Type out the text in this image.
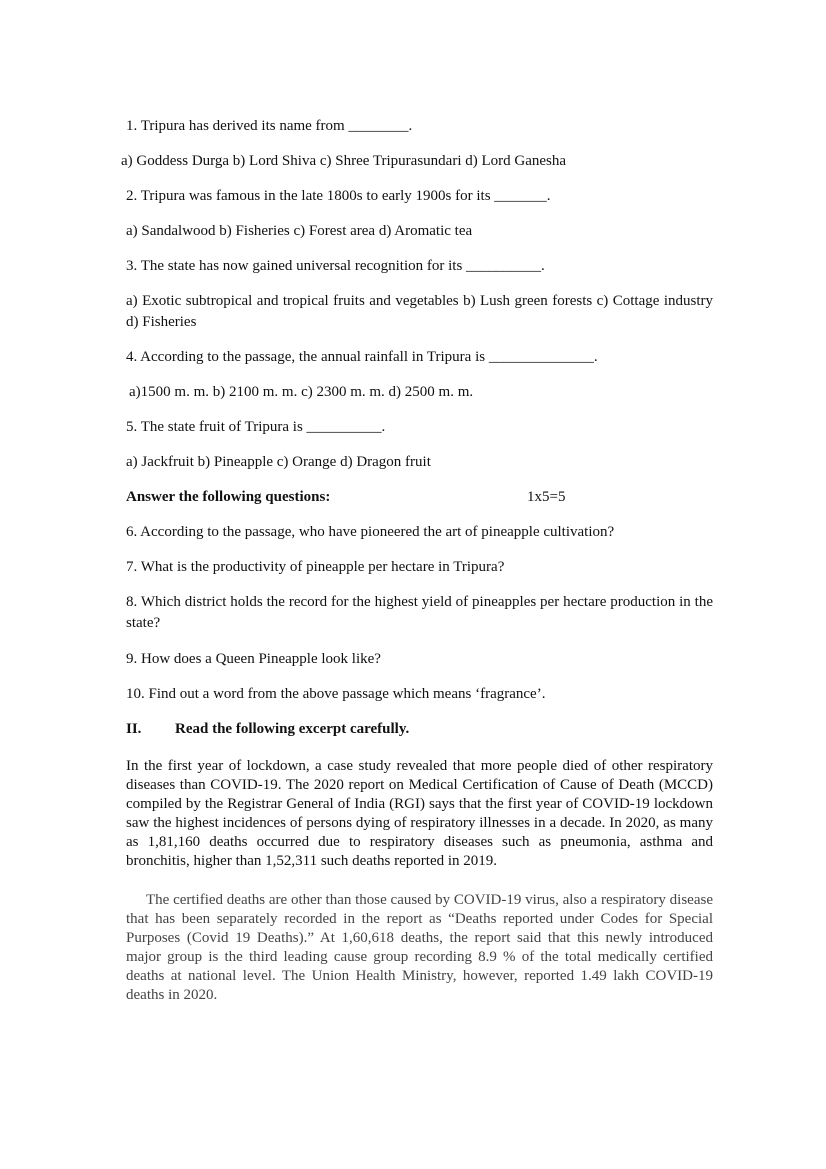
1. Tripura has derived its name from ________.
a) Goddess Durga b) Lord Shiva c) Shree Tripurasundari d) Lord Ganesha
2. Tripura was famous in the late 1800s to early 1900s for its _______.
a) Sandalwood b) Fisheries c) Forest area d) Aromatic tea
3. The state has now gained universal recognition for its __________.
a) Exotic subtropical and tropical fruits and vegetables b) Lush green forests c) Cottage industry d) Fisheries
4. According to the passage, the annual rainfall in Tripura is ______________.
a)1500 m. m. b) 2100 m. m. c) 2300 m. m. d) 2500 m. m.
5. The state fruit of Tripura is __________.
a) Jackfruit b) Pineapple c) Orange d) Dragon fruit
Answer the following questions:	1x5=5
6. According to the passage, who have pioneered the art of pineapple cultivation?
7. What is the productivity of pineapple per hectare in Tripura?
8. Which district holds the record for the highest yield of pineapples per hectare production in the state?
9. How does a Queen Pineapple look like?
10. Find out a word from the above passage which means ‘fragrance’.
II. Read the following excerpt carefully.
In the first year of lockdown, a case study revealed that more people died of other respiratory diseases than COVID-19. The 2020 report on Medical Certification of Cause of Death (MCCD) compiled by the Registrar General of India (RGI) says that the first year of COVID-19 lockdown saw the highest incidences of persons dying of respiratory illnesses in a decade. In 2020, as many as 1,81,160 deaths occurred due to respiratory diseases such as pneumonia, asthma and bronchitis, higher than 1,52,311 such deaths reported in 2019.
The certified deaths are other than those caused by COVID-19 virus, also a respiratory disease that has been separately recorded in the report as “Deaths reported under Codes for Special Purposes (Covid 19 Deaths).” At 1,60,618 deaths, the report said that this newly introduced major group is the third leading cause group recording 8.9 % of the total medically certified deaths at national level. The Union Health Ministry, however, reported 1.49 lakh COVID-19 deaths in 2020.
